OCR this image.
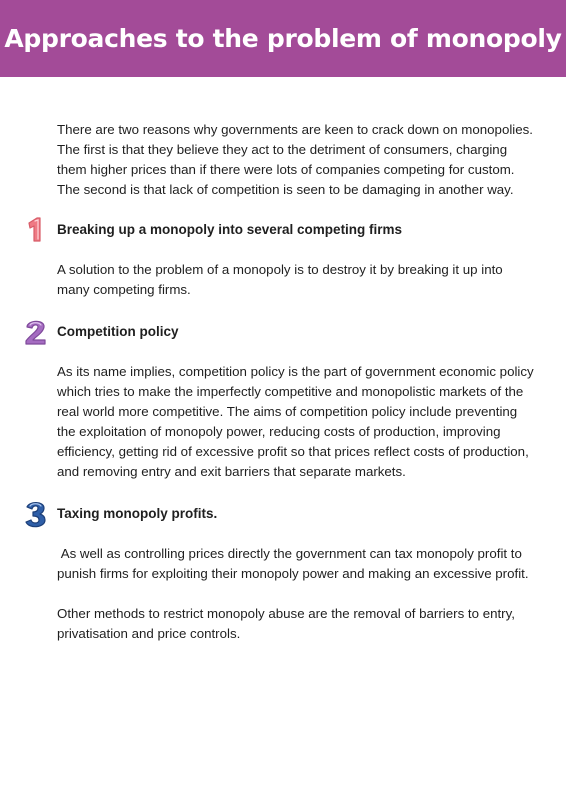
Approaches to the problem of monopoly

There are two reasons why governments are keen to crack down on monopolies. The first is that they believe they act to the detriment of consumers, charging them higher prices than if there were lots of companies competing for custom. The second is that lack of competition is seen to be damaging in another way.

Breaking up a monopoly into several competing firms

A solution to the problem of a monopoly is to destroy it by breaking it up into many competing firms.

Competition policy

As its name implies, competition policy is the part of government economic policy which tries to make the imperfectly competitive and monopolistic markets of the real world more competitive. The aims of competition policy include preventing the exploitation of monopoly power, reducing costs of production, improving efficiency, getting rid of excessive profit so that prices reflect costs of production, and removing entry and exit barriers that separate markets.

Taxing monopoly profits.

As well as controlling prices directly the government can tax monopoly profit to punish firms for exploiting their monopoly power and making an excessive profit.

Other methods to restrict monopoly abuse are the removal of barriers to entry, privatisation and price controls.
